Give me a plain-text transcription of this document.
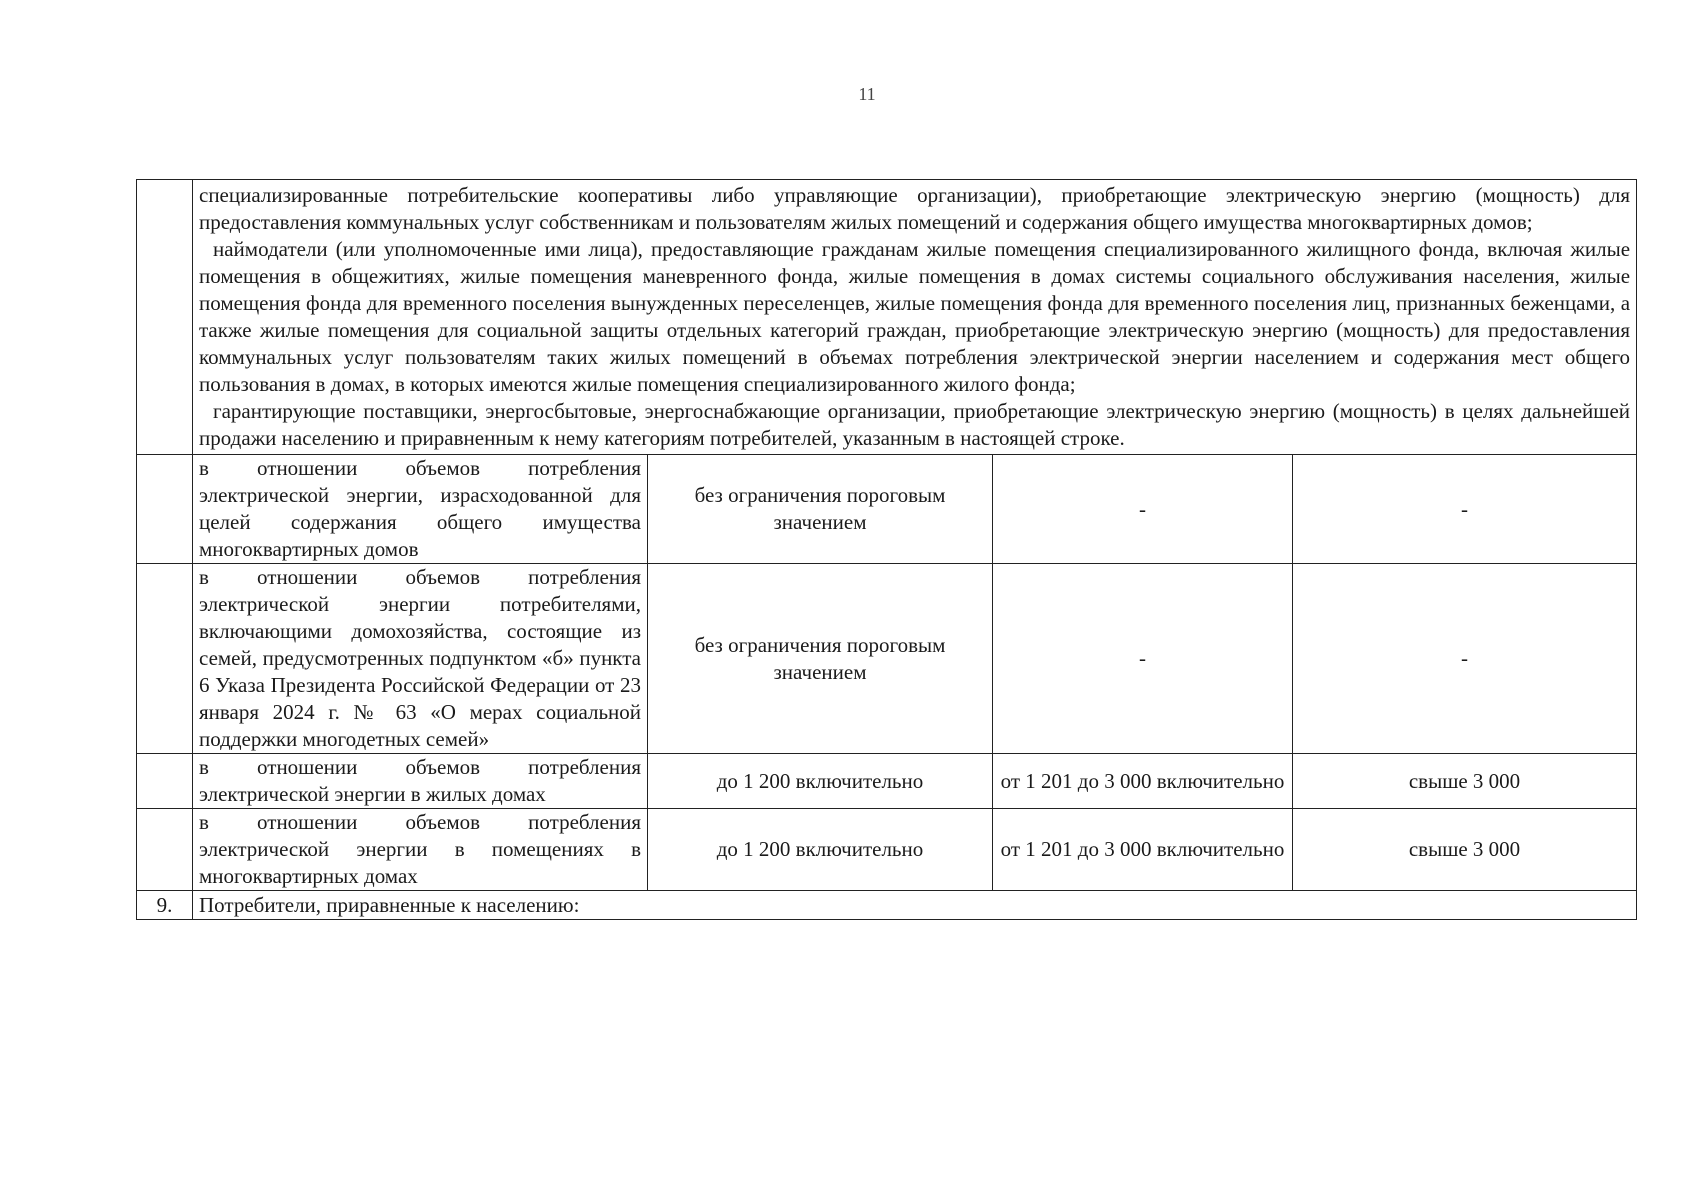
11

	специализированные потребительские кооперативы либо управляющие организации), приобретающие электрическую энергию (мощность) для предоставления коммунальных услуг собственникам и пользователям жилых помещений и содержания общего имущества многоквартирных домов;

наймодатели (или уполномоченные ими лица), предоставляющие гражданам жилые помещения специализированного жилищного фонда, включая жилые помещения в общежитиях, жилые помещения маневренного фонда, жилые помещения в домах системы социального обслуживания населения, жилые помещения фонда для временного поселения вынужденных переселенцев, жилые помещения фонда для временного поселения лиц, признанных беженцами, а также жилые помещения для социальной защиты отдельных категорий граждан, приобретающие электрическую энергию (мощность) для предоставления коммунальных услуг пользователям таких жилых помещений в объемах потребления электрической энергии населением и содержания мест общего пользования в домах, в которых имеются жилые помещения специализированного жилого фонда;

гарантирующие поставщики, энергосбытовые, энергоснабжающие организации, приобретающие электрическую энергию (мощность) в целях дальнейшей продажи населению и приравненным к нему категориям потребителей, указанным в настоящей строке.			

	в отношении объемов потребления электрической энергии, израсходованной для целей содержания общего имущества многоквартирных домов	без ограничения пороговым значением	-	-
	в отношении объемов потребления электрической энергии потребителями, включающими домохозяйства, состоящие из семей, предусмотренных подпунктом «б» пункта 6 Указа Президента Российской Федерации от 23 января 2024 г. № 63 «О мерах социальной поддержки многодетных семей»	без ограничения пороговым значением	-	-
	в отношении объемов потребления электрической энергии в жилых домах	до 1 200 включительно	от 1 201 до 3 000 включительно	свыше 3 000
	в отношении объемов потребления электрической энергии в помещениях в многоквартирных домах	до 1 200 включительно	от 1 201 до 3 000 включительно	свыше 3 000
9.	Потребители, приравненные к населению:			
